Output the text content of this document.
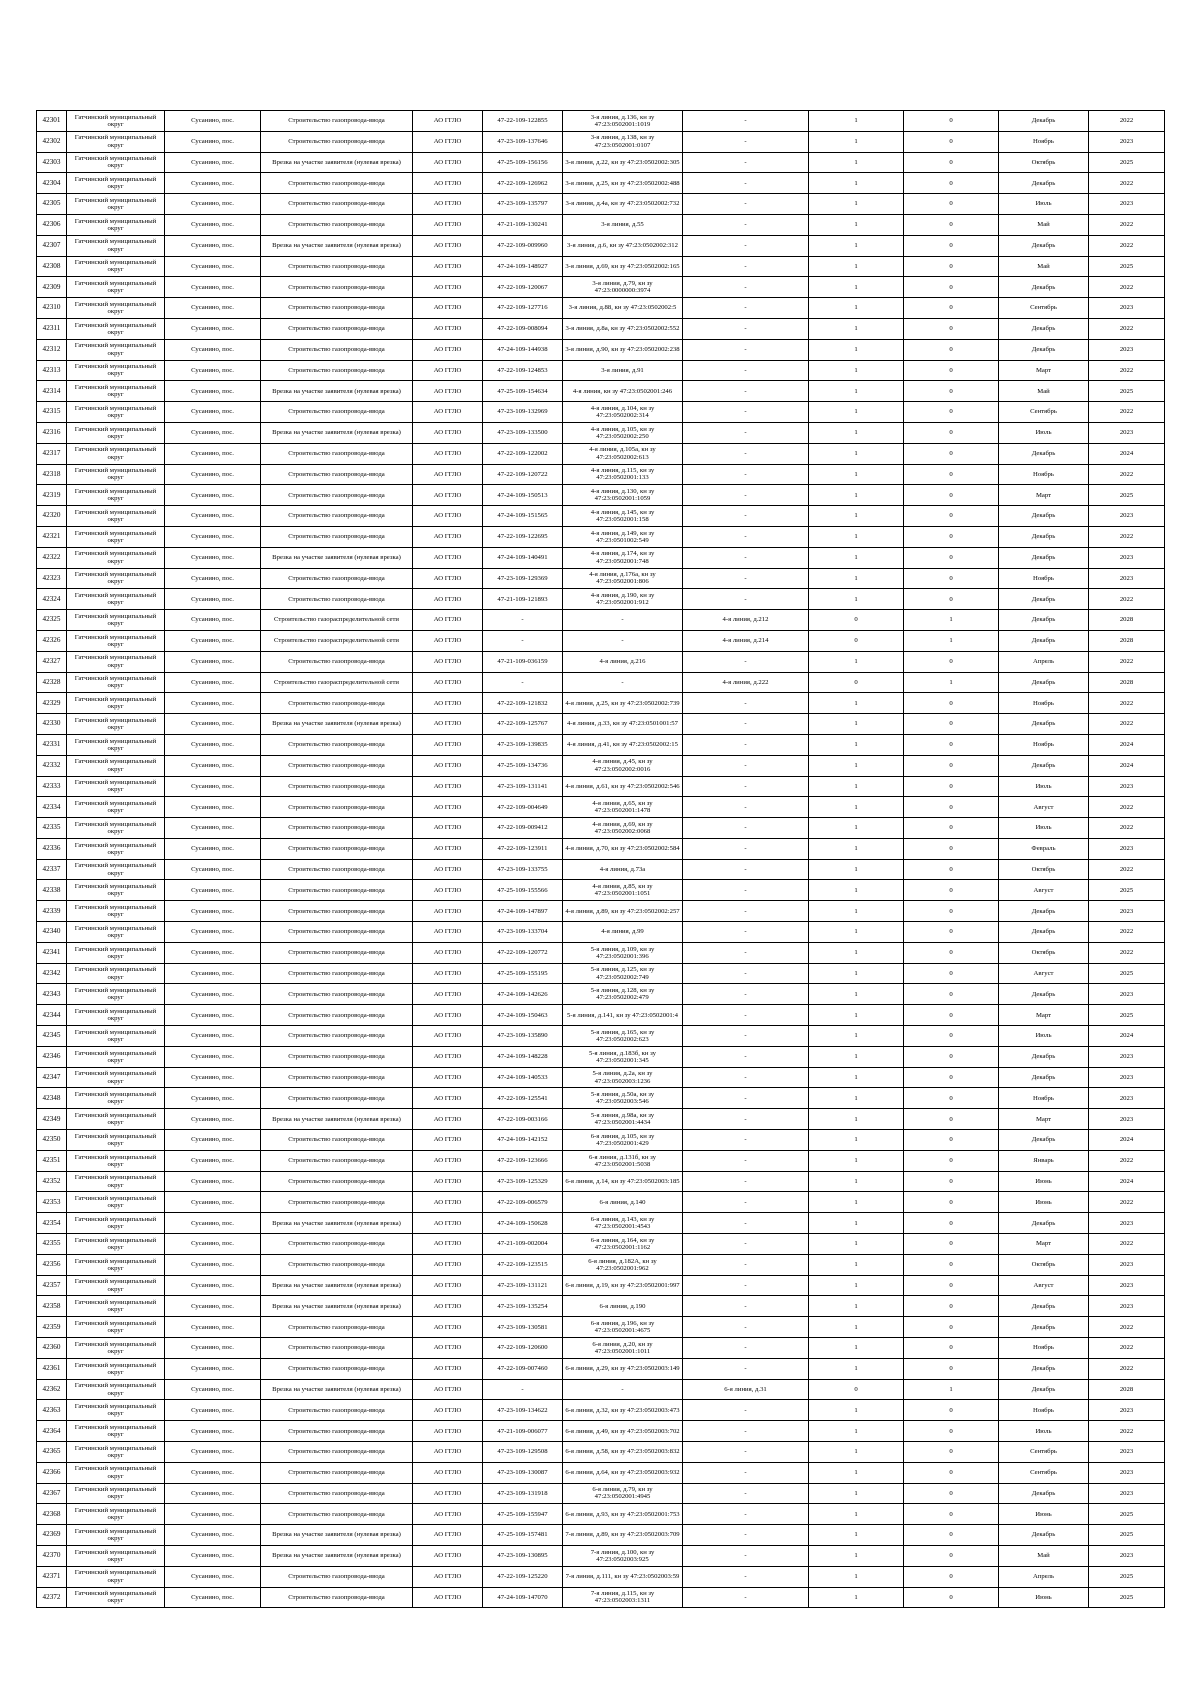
42301	Гатчинский муниципальный округ	Сусанино, пос.	Строительство газопровода-ввода	АО ГГЛО	47-22-109-122855	3-я линия, д.136, кн зу 47:23:0502001:1019	-	1	0	Декабрь	2022
42302	Гатчинский муниципальный округ	Сусанино, пос.	Строительство газопровода-ввода	АО ГГЛО	47-23-109-137646	3-я линия, д.138, кн зу 47:23:0502001:0107	-	1	0	Ноябрь	2023
42303	Гатчинский муниципальный округ	Сусанино, пос.	Врезка на участке заявителя (нулевая врезка)	АО ГГЛО	47-25-109-156156	3-я линия, д.22, кн зу 47:23:0502002:305	-	1	0	Октябрь	2025
42304	Гатчинский муниципальный округ	Сусанино, пос.	Строительство газопровода-ввода	АО ГГЛО	47-22-109-126962	3-я линия, д.25, кн зу 47:23:0502002:488	-	1	0	Декабрь	2022
42305	Гатчинский муниципальный округ	Сусанино, пос.	Строительство газопровода-ввода	АО ГГЛО	47-23-109-135797	3-я линия, д.4а, кн зу 47:23:0502002:732	-	1	0	Июль	2023
42306	Гатчинский муниципальный округ	Сусанино, пос.	Строительство газопровода-ввода	АО ГГЛО	47-21-109-130241	3-я линия, д.55	-	1	0	Май	2022
42307	Гатчинский муниципальный округ	Сусанино, пос.	Врезка на участке заявителя (нулевая врезка)	АО ГГЛО	47-22-109-009960	3-я линия, д.6, кн зу 47:23:0502002:312	-	1	0	Декабрь	2022
42308	Гатчинский муниципальный округ	Сусанино, пос.	Строительство газопровода-ввода	АО ГГЛО	47-24-109-148927	3-я линия, д.69, кн зу 47:23:0502002:165	-	1	0	Май	2025
42309	Гатчинский муниципальный округ	Сусанино, пос.	Строительство газопровода-ввода	АО ГГЛО	47-22-109-120067	3-я линия, д.79, кн зу 47:23:0000000:3974	-	1	0	Декабрь	2022
42310	Гатчинский муниципальный округ	Сусанино, пос.	Строительство газопровода-ввода	АО ГГЛО	47-22-109-127716	3-я линия, д.88, кн зу 47:23:0502002:5	-	1	0	Сентябрь	2023
42311	Гатчинский муниципальный округ	Сусанино, пос.	Строительство газопровода-ввода	АО ГГЛО	47-22-109-008094	3-я линия, д.8а, кн зу 47:23:0502002:552	-	1	0	Декабрь	2022
42312	Гатчинский муниципальный округ	Сусанино, пос.	Строительство газопровода-ввода	АО ГГЛО	47-24-109-144938	3-я линия, д.90, кн зу 47:23:0502002:238	-	1	0	Декабрь	2023
42313	Гатчинский муниципальный округ	Сусанино, пос.	Строительство газопровода-ввода	АО ГГЛО	47-22-109-124853	3-я линия, д.91	-	1	0	Март	2022
42314	Гатчинский муниципальный округ	Сусанино, пос.	Врезка на участке заявителя (нулевая врезка)	АО ГГЛО	47-25-109-154634	4-я линия, кн зу 47:23:0502001:246	-	1	0	Май	2025
42315	Гатчинский муниципальный округ	Сусанино, пос.	Строительство газопровода-ввода	АО ГГЛО	47-23-109-132969	4-я линия, д.104, кн зу 47:23:0502002:314	-	1	0	Сентябрь	2022
42316	Гатчинский муниципальный округ	Сусанино, пос.	Врезка на участке заявителя (нулевая врезка)	АО ГГЛО	47-23-109-133500	4-я линия, д.105, кн зу 47:23:0502002:250	-	1	0	Июль	2023
42317	Гатчинский муниципальный округ	Сусанино, пос.	Строительство газопровода-ввода	АО ГГЛО	47-22-109-122002	4-я линия, д.105а, кн зу 47:23:0502002:613	-	1	0	Декабрь	2024
42318	Гатчинский муниципальный округ	Сусанино, пос.	Строительство газопровода-ввода	АО ГГЛО	47-22-109-120722	4-я линия, д.115, кн зу 47:23:0502001:133	-	1	0	Ноябрь	2022
42319	Гатчинский муниципальный округ	Сусанино, пос.	Строительство газопровода-ввода	АО ГГЛО	47-24-109-150513	4-я линия, д.130, кн зу 47:23:0502001:1059	-	1	0	Март	2025
42320	Гатчинский муниципальный округ	Сусанино, пос.	Строительство газопровода-ввода	АО ГГЛО	47-24-109-151565	4-я линия, д.145, кн зу 47:23:0502001:158	-	1	0	Декабрь	2023
42321	Гатчинский муниципальный округ	Сусанино, пос.	Строительство газопровода-ввода	АО ГГЛО	47-22-109-122695	4-я линия, д.149, кн зу 47:23:0501002:549	-	1	0	Декабрь	2022
42322	Гатчинский муниципальный округ	Сусанино, пос.	Врезка на участке заявителя (нулевая врезка)	АО ГГЛО	47-24-109-140491	4-я линия, д.174, кн зу 47:23:0502001:748	-	1	0	Декабрь	2023
42323	Гатчинский муниципальный округ	Сусанино, пос.	Строительство газопровода-ввода	АО ГГЛО	47-23-109-129369	4-я линия, д.176а, кн зу 47:23:0502001:806	-	1	0	Ноябрь	2023
42324	Гатчинский муниципальный округ	Сусанино, пос.	Строительство газопровода-ввода	АО ГГЛО	47-21-109-121893	4-я линия, д.190, кн зу 47:23:0502001:912	-	1	0	Декабрь	2022
42325	Гатчинский муниципальный округ	Сусанино, пос.	Строительство газораспределительной сети	АО ГГЛО	-	-	4-я линия, д.212	0	1	Декабрь	2028
42326	Гатчинский муниципальный округ	Сусанино, пос.	Строительство газораспределительной сети	АО ГГЛО	-	-	4-я линия, д.214	0	1	Декабрь	2028
42327	Гатчинский муниципальный округ	Сусанино, пос.	Строительство газопровода-ввода	АО ГГЛО	47-21-109-036159	4-я линия, д.216	-	1	0	Апрель	2022
42328	Гатчинский муниципальный округ	Сусанино, пос.	Строительство газораспределительной сети	АО ГГЛО	-	-	4-я линия, д.222	0	1	Декабрь	2028
42329	Гатчинский муниципальный округ	Сусанино, пос.	Строительство газопровода-ввода	АО ГГЛО	47-22-109-121832	4-я линия, д.25, кн зу 47:23:0502002:739	-	1	0	Ноябрь	2022
42330	Гатчинский муниципальный округ	Сусанино, пос.	Врезка на участке заявителя (нулевая врезка)	АО ГГЛО	47-22-109-125767	4-я линия, д.33, кн зу 47:23:0501001:57	-	1	0	Декабрь	2022
42331	Гатчинский муниципальный округ	Сусанино, пос.	Строительство газопровода-ввода	АО ГГЛО	47-23-109-139835	4-я линия, д.41, кн зу 47:23:0502002:15	-	1	0	Ноябрь	2024
42332	Гатчинский муниципальный округ	Сусанино, пос.	Строительство газопровода-ввода	АО ГГЛО	47-25-109-134736	4-я линия, д.45, кн зу 47:23:0502002:0016	-	1	0	Декабрь	2024
42333	Гатчинский муниципальный округ	Сусанино, пос.	Строительство газопровода-ввода	АО ГГЛО	47-23-109-131141	4-я линия, д.61, кн зу 47:23:0502002:546	-	1	0	Июль	2023
42334	Гатчинский муниципальный округ	Сусанино, пос.	Строительство газопровода-ввода	АО ГГЛО	47-22-109-004649	4-я линия, д.65, кн зу 47:23:0502001:1478	-	1	0	Август	2022
42335	Гатчинский муниципальный округ	Сусанино, пос.	Строительство газопровода-ввода	АО ГГЛО	47-22-109-009412	4-я линия, д.69, кн зу 47:23:0502002:0068	-	1	0	Июль	2022
42336	Гатчинский муниципальный округ	Сусанино, пос.	Строительство газопровода-ввода	АО ГГЛО	47-22-109-123911	4-я линия, д.70, кн зу 47:23:0502002:584	-	1	0	Февраль	2023
42337	Гатчинский муниципальный округ	Сусанино, пос.	Строительство газопровода-ввода	АО ГГЛО	47-23-109-133755	4-я линия, д.73а	-	1	0	Октябрь	2022
42338	Гатчинский муниципальный округ	Сусанино, пос.	Строительство газопровода-ввода	АО ГГЛО	47-25-109-155566	4-я линия, д.85, кн зу 47:23:0502001:1051	-	1	0	Август	2025
42339	Гатчинский муниципальный округ	Сусанино, пос.	Строительство газопровода-ввода	АО ГГЛО	47-24-109-147897	4-я линия, д.89, кн зу 47:23:0502002:257	-	1	0	Декабрь	2023
42340	Гатчинский муниципальный округ	Сусанино, пос.	Строительство газопровода-ввода	АО ГГЛО	47-23-109-133704	4-я линия, д.99	-	1	0	Декабрь	2022
42341	Гатчинский муниципальный округ	Сусанино, пос.	Строительство газопровода-ввода	АО ГГЛО	47-22-109-120772	5-я линия, д.109, кн зу 47:23:0502001:396	-	1	0	Октябрь	2022
42342	Гатчинский муниципальный округ	Сусанино, пос.	Строительство газопровода-ввода	АО ГГЛО	47-25-109-155195	5-я линия, д.125, кн зу 47:23:0502002:749	-	1	0	Август	2025
42343	Гатчинский муниципальный округ	Сусанино, пос.	Строительство газопровода-ввода	АО ГГЛО	47-24-109-142626	5-я линия, д.128, кн зу 47:23:0502002:479	-	1	0	Декабрь	2023
42344	Гатчинский муниципальный округ	Сусанино, пос.	Строительство газопровода-ввода	АО ГГЛО	47-24-109-150463	5-я линия, д.141, кн зу 47:23:0502001:4	-	1	0	Март	2025
42345	Гатчинский муниципальный округ	Сусанино, пос.	Строительство газопровода-ввода	АО ГГЛО	47-23-109-135890	5-я линия, д.165, кн зу 47:23:0502002:623	-	1	0	Июль	2024
42346	Гатчинский муниципальный округ	Сусанино, пос.	Строительство газопровода-ввода	АО ГГЛО	47-24-109-148228	5-я линия, д.183б, кн зу 47:23:0502001:345	-	1	0	Декабрь	2023
42347	Гатчинский муниципальный округ	Сусанино, пос.	Строительство газопровода-ввода	АО ГГЛО	47-24-109-140533	5-я линия, д.2а, кн зу 47:23:0502003:1236	-	1	0	Декабрь	2023
42348	Гатчинский муниципальный округ	Сусанино, пос.	Строительство газопровода-ввода	АО ГГЛО	47-22-109-125541	5-я линия, д.50а, кн зу 47:23:0502003:546	-	1	0	Ноябрь	2023
42349	Гатчинский муниципальный округ	Сусанино, пос.	Врезка на участке заявителя (нулевая врезка)	АО ГГЛО	47-22-109-003166	5-я линия, д.98а, кн зу 47:23:0502001:4434	-	1	0	Март	2023
42350	Гатчинский муниципальный округ	Сусанино, пос.	Строительство газопровода-ввода	АО ГГЛО	47-24-109-142152	6-я линия, д.105, кн зу 47:23:0502001:429	-	1	0	Декабрь	2024
42351	Гатчинский муниципальный округ	Сусанино, пос.	Строительство газопровода-ввода	АО ГГЛО	47-22-109-123666	6-я линия, д.131б, кн зу 47:23:0502001:5038	-	1	0	Январь	2022
42352	Гатчинский муниципальный округ	Сусанино, пос.	Строительство газопровода-ввода	АО ГГЛО	47-23-109-125329	6-я линия, д.14, кн зу 47:23:0502003:185	-	1	0	Июнь	2024
42353	Гатчинский муниципальный округ	Сусанино, пос.	Строительство газопровода-ввода	АО ГГЛО	47-22-109-006579	6-я линия, д.140	-	1	0	Июнь	2022
42354	Гатчинский муниципальный округ	Сусанино, пос.	Врезка на участке заявителя (нулевая врезка)	АО ГГЛО	47-24-109-150628	6-я линия, д.143, кн зу 47:23:0502001:4543	-	1	0	Декабрь	2023
42355	Гатчинский муниципальный округ	Сусанино, пос.	Строительство газопровода-ввода	АО ГГЛО	47-21-109-002004	6-я линия, д.164, кн зу 47:23:0502001:1162	-	1	0	Март	2022
42356	Гатчинский муниципальный округ	Сусанино, пос.	Строительство газопровода-ввода	АО ГГЛО	47-22-109-123515	6-я линия, д.182А, кн зу 47:23:0502001:962	-	1	0	Октябрь	2023
42357	Гатчинский муниципальный округ	Сусанино, пос.	Врезка на участке заявителя (нулевая врезка)	АО ГГЛО	47-23-109-131121	6-я линия, д.19, кн зу 47:23:0502001:997	-	1	0	Август	2023
42358	Гатчинский муниципальный округ	Сусанино, пос.	Врезка на участке заявителя (нулевая врезка)	АО ГГЛО	47-23-109-135254	6-я линия, д.190	-	1	0	Декабрь	2023
42359	Гатчинский муниципальный округ	Сусанино, пос.	Строительство газопровода-ввода	АО ГГЛО	47-23-109-130581	6-я линия, д.196, кн зу 47:23:0502001:4675	-	1	0	Декабрь	2022
42360	Гатчинский муниципальный округ	Сусанино, пос.	Строительство газопровода-ввода	АО ГГЛО	47-22-109-120600	6-я линия, д.20, кн зу 47:23:0502001:1011	-	1	0	Ноябрь	2022
42361	Гатчинский муниципальный округ	Сусанино, пос.	Строительство газопровода-ввода	АО ГГЛО	47-22-109-007460	6-я линия, д.29, кн зу 47:23:0502003:149	-	1	0	Декабрь	2022
42362	Гатчинский муниципальный округ	Сусанино, пос.	Врезка на участке заявителя (нулевая врезка)	АО ГГЛО	-	-	6-я линия, д.31	0	1	Декабрь	2028
42363	Гатчинский муниципальный округ	Сусанино, пос.	Строительство газопровода-ввода	АО ГГЛО	47-23-109-134622	6-я линия, д.32, кн зу 47:23:0502003:473	-	1	0	Ноябрь	2023
42364	Гатчинский муниципальный округ	Сусанино, пос.	Строительство газопровода-ввода	АО ГГЛО	47-21-109-006077	6-я линия, д.49, кн зу 47:23:0502003:702	-	1	0	Июль	2022
42365	Гатчинский муниципальный округ	Сусанино, пос.	Строительство газопровода-ввода	АО ГГЛО	47-23-109-129508	6-я линия, д.58, кн зу 47:23:0502003:832	-	1	0	Сентябрь	2023
42366	Гатчинский муниципальный округ	Сусанино, пос.	Строительство газопровода-ввода	АО ГГЛО	47-23-109-130087	6-я линия, д.64, кн зу 47:23:0502003:932	-	1	0	Сентябрь	2023
42367	Гатчинский муниципальный округ	Сусанино, пос.	Строительство газопровода-ввода	АО ГГЛО	47-23-109-131918	6-я линия, д.79, кн зу 47:23:0502001:4945	-	1	0	Декабрь	2023
42368	Гатчинский муниципальный округ	Сусанино, пос.	Строительство газопровода-ввода	АО ГГЛО	47-25-109-155947	6-я линия, д.93, кн зу 47:23:0502001:753	-	1	0	Июнь	2025
42369	Гатчинский муниципальный округ	Сусанино, пос.	Врезка на участке заявителя (нулевая врезка)	АО ГГЛО	47-25-109-157481	7-я линия, д.89, кн зу 47:23:0502003:709	-	1	0	Декабрь	2025
42370	Гатчинский муниципальный округ	Сусанино, пос.	Врезка на участке заявителя (нулевая врезка)	АО ГГЛО	47-23-109-130895	7-я линия, д.100, кн зу 47:23:0502003:925	-	1	0	Май	2023
42371	Гатчинский муниципальный округ	Сусанино, пос.	Строительство газопровода-ввода	АО ГГЛО	47-22-109-125220	7-я линия, д.111, кн зу 47:23:0502003:59	-	1	0	Апрель	2025
42372	Гатчинский муниципальный округ	Сусанино, пос.	Строительство газопровода-ввода	АО ГГЛО	47-24-109-147070	7-я линия, д.115, кн зу 47:23:0502003:1311	-	1	0	Июнь	2025
